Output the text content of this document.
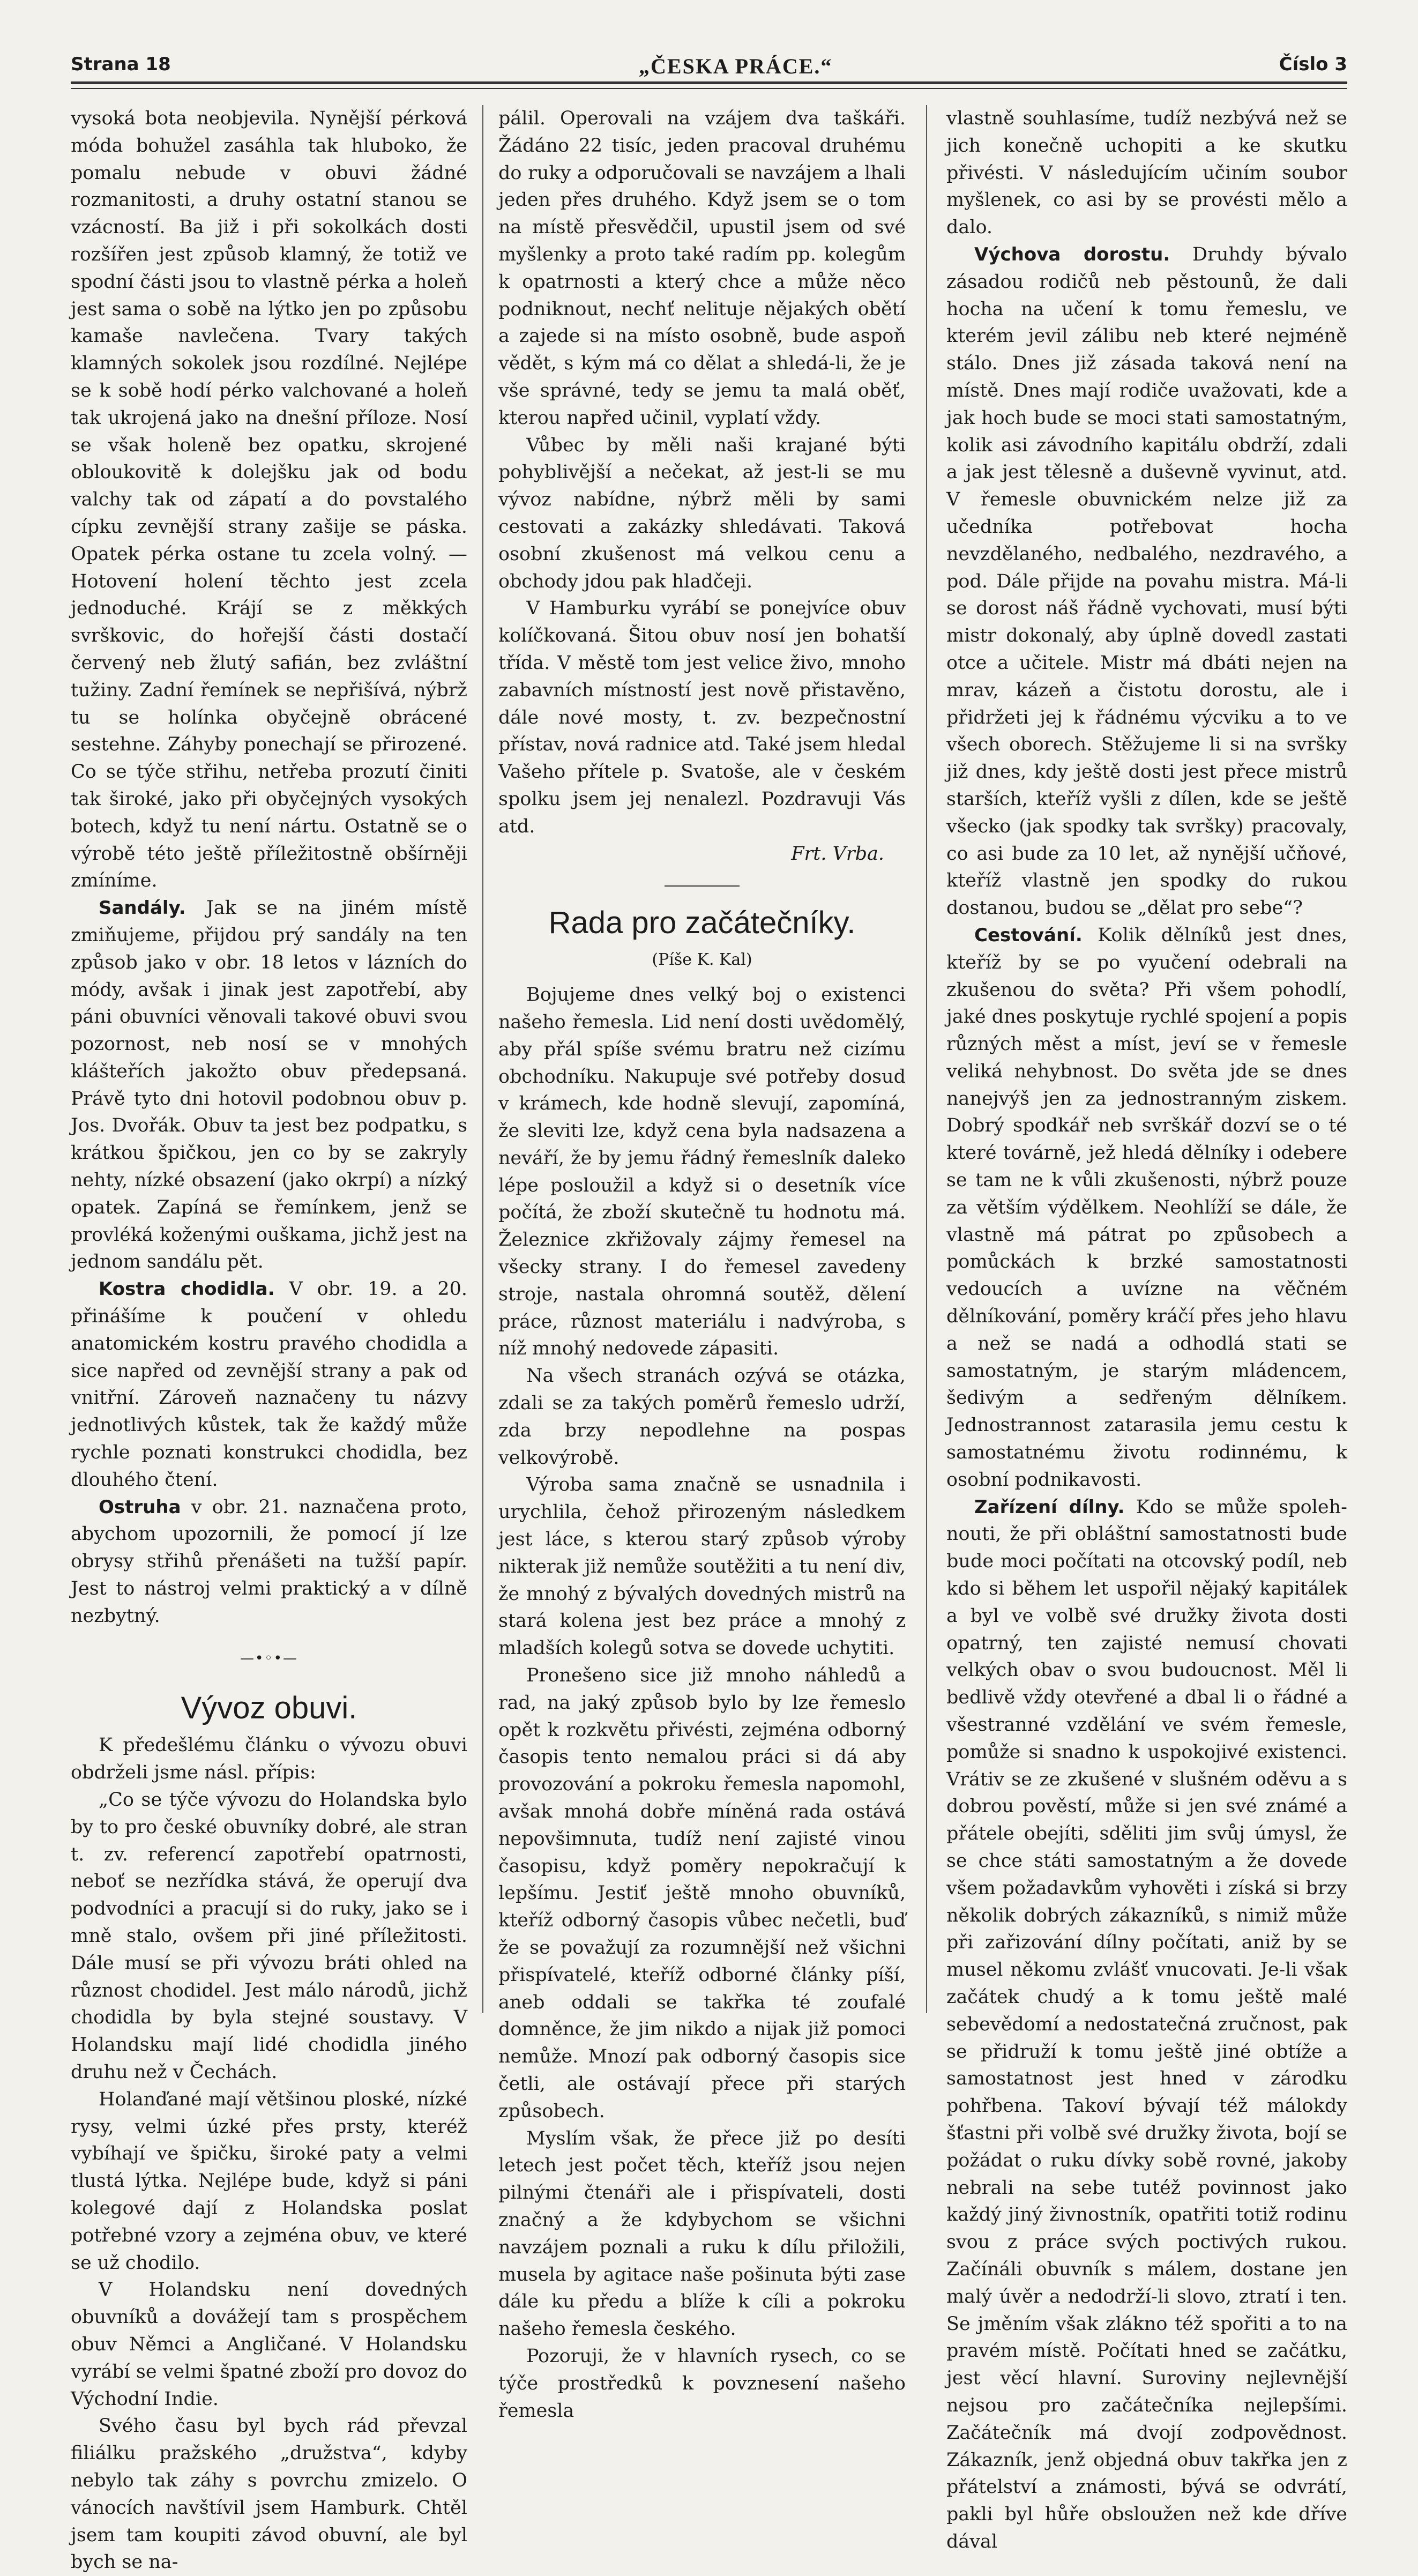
Strana 18	„ČESKA PRÁCE.“	Číslo 3

vysoká bota neobjevila. Nynější pérková móda bohužel zasáhla tak hluboko, že pomalu nebude v obuvi žádné rozmanitosti, a druhy ostatní stanou se vzácností. Ba již i při sokolkách dosti rozšířen jest způsob klamný, že totiž ve spodní části jsou to vlastně pérka a holeň jest sama o sobě na lýtko jen po způsobu kamaše navlečena. Tvary takých klamných sokolek jsou rozdílné. Nejlépe se k sobě hodí pérko valchované a holeň tak ukrojená jako na dnešní příloze. Nosí se však holeně bez opatku, skrojené obloukovitě k dolejšku jak od bodu valchy tak od zápatí a do povstalého cípku zevnější strany zašije se páska. Opatek pérka ostane tu zcela volný. — Hotovení holení těchto jest zcela jednoduché. Krájí se z měkkých svrškovic, do hořejší části dostačí červený neb žlutý safián, bez zvláštní tužiny. Zadní řemínek se nepřišívá, nýbrž tu se holínka obyčejně obrácené sestehne. Záhyby ponechají se přirozené. Co se týče střihu, netřeba prozutí činiti tak široké, jako při obyčejných vysokých botech, když tu není nártu. Ostatně se o výrobě této ještě příležitostně obšírněji zmíníme.

Sandály. Jak se na jiném místě zmiňujeme, přijdou prý sandály na ten způsob jako v obr. 18 letos v lázních do módy, avšak i jinak jest zapotřebí, aby páni obuvníci věnovali takové obuvi svou pozornost, neb nosí se v mnohých klášteřích jakožto obuv předepsaná. Právě tyto dni hotovil podobnou obuv p. Jos. Dvořák. Obuv ta jest bez podpatku, s krátkou špičkou, jen co by se zakryly nehty, nízké obsazení (jako okrpí) a nízký opatek. Zapíná se řemínkem, jenž se provléká koženými ouškama, jichž jest na jednom sandálu pět.

Kostra chodidla. V obr. 19. a 20. přinášíme k poučení v ohledu anatomickém kostru pravého chodidla a sice napřed od zevnější strany a pak od vnitřní. Zároveň naznačeny tu názvy jednotlivých kůstek, tak že každý může rychle poznati konstrukci chodidla, bez dlouhého čtení.

Ostruha v obr. 21. naznačena proto, abychom upozornili, že pomocí jí lze obrysy střihů přenášeti na tužší papír. Jest to nástroj velmi praktický a v dílně nezbytný.

—•◦•—
Vývoz obuvi.

K předešlému článku o vývozu obuvi obdrželi jsme násl. přípis:

„Co se týče vývozu do Holandska bylo by to pro české obuvníky dobré, ale stran t. zv. referencí zapotřebí opatrnosti, neboť se nezřídka stává, že operují dva podvodníci a pracují si do ruky, jako se i mně stalo, ovšem při jiné příležitosti. Dále musí se při vývozu bráti ohled na různost chodidel. Jest málo národů, jichž chodidla by byla stejné soustavy. V Holandsku mají lidé chodidla jiného druhu než v Čechách.

Holanďané mají většinou ploské, nízké rysy, velmi úzké přes prsty, kteréž vybíhají ve špičku, široké paty a velmi tlustá lýtka. Nejlépe bude, když si páni kolegové dají z Holandska poslat potřebné vzory a zejména obuv, ve které se už chodilo.

V Holandsku není dovedných obuvníků a dovážejí tam s prospěchem obuv Němci a Angličané. V Holandsku vyrábí se velmi špatné zboží pro dovoz do Východní Indie.

Svého času byl bych rád převzal filiálku pražského „družstva“, kdyby nebylo tak záhy s povrchu zmizelo. O vánocích navštívil jsem Hamburk. Chtěl jsem tam koupiti závod obuvní, ale byl bych se na-

pálil. Operovali na vzájem dva taškáři. Žádáno 22 tisíc, jeden pracoval druhému do ruky a odporučovali se navzájem a lhali jeden přes druhého. Když jsem se o tom na místě přesvědčil, upustil jsem od své myšlenky a proto také radím pp. kolegům k opatrnosti a který chce a může něco podniknout, nechť nelituje nějakých obětí a zajede si na místo osobně, bude aspoň vědět, s kým má co dělat a shledá-li, že je vše správné, tedy se jemu ta malá oběť, kterou napřed učinil, vyplatí vždy.

Vůbec by měli naši krajané býti pohyblivější a nečekat, až jest-li se mu vývoz nabídne, nýbrž měli by sami cestovati a zakázky shledávati. Taková osobní zkušenost má velkou cenu a obchody jdou pak hladčeji.

V Hamburku vyrábí se ponejvíce obuv kolíčkovaná. Šitou obuv nosí jen bohatší třída. V městě tom jest velice živo, mnoho zabavních místností jest nově přistavěno, dále nové mosty, t. zv. bezpečnostní přístav, nová radnice atd. Také jsem hledal Vašeho přítele p. Svatoše, ale v českém spolku jsem jej nenalezl. Pozdravuji Vás atd.

Frt. Vrba.

Rada pro začátečníky.
(Píše K. Kal)

Bojujeme dnes velký boj o existenci našeho řemesla. Lid není dosti uvědomělý, aby přál spíše svému bratru než cizímu obchodníku. Nakupuje své potřeby dosud v krámech, kde hodně slevují, zapomíná, že sleviti lze, když cena byla nadsazena a neváří, že by jemu řádný řemeslník daleko lépe posloužil a když si o desetník více počítá, že zboží skutečně tu hodnotu má. Železnice zkřižovaly zájmy řemesel na všecky strany. I do řemesel zavedeny stroje, nastala ohromná soutěž, dělení práce, různost materiálu i nadvýroba, s níž mnohý nedovede zápasiti.

Na všech stranách ozývá se otázka, zdali se za takých poměrů řemeslo udrží, zda brzy nepodlehne na pospas velkovýrobě.

Výroba sama značně se usnadnila i urychlila, čehož přirozeným následkem jest láce, s kterou starý způsob výroby nikterak již nemůže soutěžiti a tu není div, že mnohý z bývalých dovedných mistrů na stará kolena jest bez práce a mnohý z mladších kolegů sotva se dovede uchytiti.

Pronešeno sice již mnoho náhledů a rad, na jaký způsob bylo by lze řemeslo opět k rozkvětu přivésti, zejména odborný časopis tento nemalou práci si dá aby provozování a pokroku řemesla napomohl, avšak mnohá dobře míněná rada ostává nepovšimnuta, tudíž není zajisté vinou časopisu, když poměry nepokračují k lepšímu. Jestiť ještě mnoho obuvníků, kteříž odborný časopis vůbec nečetli, buď že se považují za rozumnější než všichni přispívatelé, kteříž odborné články píší, aneb oddali se takřka té zoufalé domněnce, že jim nikdo a nijak již pomoci nemůže. Mnozí pak odborný časopis sice četli, ale ostávají přece při starých způsobech.

Myslím však, že přece již po desíti letech jest počet těch, kteříž jsou nejen pilnými čtenáři ale i přispívateli, dosti značný a že kdybychom se všichni navzájem poznali a ruku k dílu přiložili, musela by agitace naše pošinuta býti zase dále ku předu a blíže k cíli a pokroku našeho řemesla českého.

Pozoruji, že v hlavních rysech, co se týče prostředků k povznesení našeho řemesla

vlastně souhlasíme, tudíž nezbývá než se jich konečně uchopiti a ke skutku přivésti. V následujícím učiním soubor myšlenek, co asi by se provésti mělo a dalo.

Výchova dorostu. Druhdy bývalo zásadou rodičů neb pěstounů, že dali hocha na učení k tomu řemeslu, ve kterém jevil zálibu neb které nejméně stálo. Dnes již zásada taková není na místě. Dnes mají rodiče uvažovati, kde a jak hoch bude se moci stati samostatným, kolik asi závodního kapitálu obdrží, zdali a jak jest tělesně a duševně vyvinut, atd. V řemesle obuvnickém nelze již za učedníka potřebovat hocha nevzdělaného, nedbalého, nezdravého, a pod. Dále přijde na povahu mistra. Má-li se dorost náš řádně vychovati, musí býti mistr dokonalý, aby úplně dovedl zastati otce a učitele. Mistr má dbáti nejen na mrav, kázeň a čistotu dorostu, ale i přidržeti jej k řádnému výcviku a to ve všech oborech. Stěžujeme li si na svršky již dnes, kdy ještě dosti jest přece mistrů starších, kteříž vyšli z dílen, kde se ještě všecko (jak spodky tak svršky) pracovaly, co asi bude za 10 let, až nynější učňové, kteříž vlastně jen spodky do rukou dostanou, budou se „dělat pro sebe“?

Cestování. Kolik dělníků jest dnes, kteříž by se po vyučení odebrali na zkušenou do světa? Při všem pohodlí, jaké dnes poskytuje rychlé spojení a popis různých měst a míst, jeví se v řemesle veliká nehybnost. Do světa jde se dnes nanejvýš jen za jednostranným ziskem. Dobrý spodkář neb svrškář dozví se o té které továrně, jež hledá dělníky i odebere se tam ne k vůli zkušenosti, nýbrž pouze za větším výdělkem. Neohlíží se dále, že vlastně má pátrat po způsobech a pomůckách k brzké samostatnosti vedoucích a uvízne na věčném dělníkování, poměry kráčí přes jeho hlavu a než se nadá a odhodlá stati se samostatným, je starým mládencem, šedivým a sedřeným dělníkem. Jednostrannost zatarasila jemu cestu k samostatnému životu rodinnému, k osobní podnikavosti.

Zařízení dílny. Kdo se může spoleh-nouti, že při obláštní samostatnosti bude bude moci počítati na otcovský podíl, neb kdo si během let uspořil nějaký kapitálek a byl ve volbě své družky života dosti opatrný, ten zajisté nemusí chovati velkých obav o svou budoucnost. Měl li bedlivě vždy otevřené a dbal li o řádné a všestranné vzdělání ve svém řemesle, pomůže si snadno k uspokojivé existenci. Vrátiv se ze zkušené v slušném oděvu a s dobrou pověstí, může si jen své známé a přátele obejíti, sděliti jim svůj úmysl, že se chce státi samostatným a že dovede všem požadavkům vyhověti i získá si brzy několik dobrých zákazníků, s nimiž může při zařizování dílny počítati, aniž by se musel někomu zvlášť vnucovati. Je-li však začátek chudý a k tomu ještě malé sebevědomí a nedostatečná zručnost, pak se přidruží k tomu ještě jiné obtíže a samostatnost jest hned v zárodku pohřbena. Takoví bývají též málokdy šťastni při volbě své družky života, bojí se požádat o ruku dívky sobě rovné, jakoby nebrali na sebe tutéž povinnost jako každý jiný živnostník, opatřiti totiž rodinu svou z práce svých poctivých rukou. Začínáli obuvník s málem, dostane jen malý úvěr a nedodrží-li slovo, ztratí i ten. Se jměním však zlákno též spořiti a to na pravém místě. Počítati hned se začátku, jest věcí hlavní. Suroviny nejlevnější nejsou pro začátečníka nejlepšími. Začátečník má dvojí zodpovědnost. Zákazník, jenž objedná obuv takřka jen z přátelství a známosti, bývá se odvrátí, pakli byl hůře obsloužen než kde dříve dával
